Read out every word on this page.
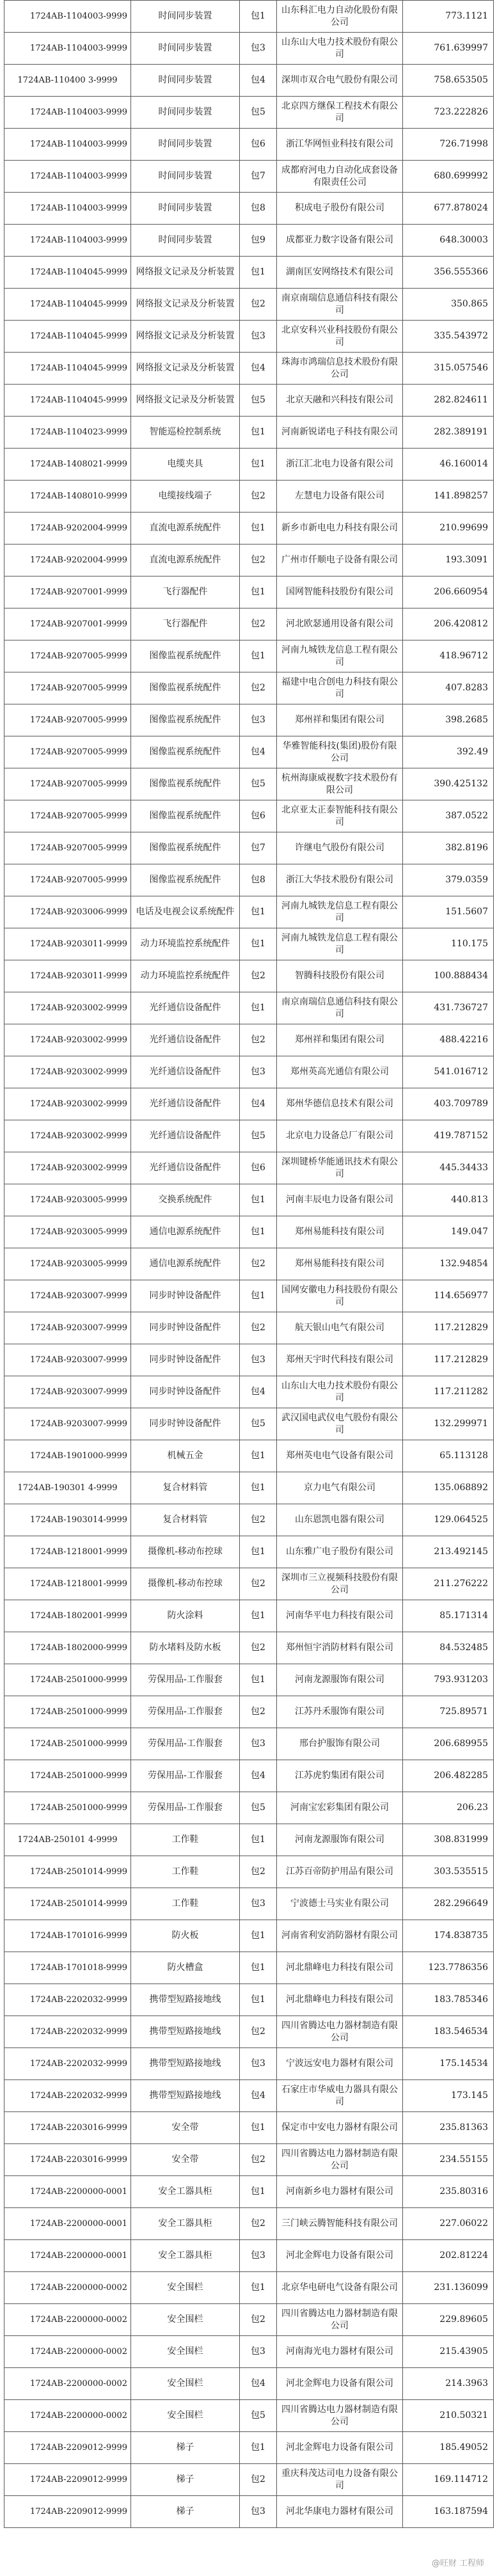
1724AB-1104003-9999	时间同步装置	包1	山东科汇电力自动化股份有限公司	773.1121
1724AB-1104003-9999	时间同步装置	包3	山东山大电力技术股份有限公司	761.639997
1724AB-110400 3-9999	时间同步装置	包4	深圳市双合电气股份有限公司	758.653505
1724AB-1104003-9999	时间同步装置	包5	北京四方继保工程技术有限公司	723.222826
1724AB-1104003-9999	时间同步装置	包6	浙江华网恒业科技有限公司	726.71998
1724AB-1104003-9999	时间同步装置	包7	成都府河电力自动化成套设备有限责任公司	680.699992
1724AB-1104003-9999	时间同步装置	包8	积成电子股份有限公司	677.878024
1724AB-1104003-9999	时间同步装置	包9	成都亚力数字设备有限公司	648.30003
1724AB-1104045-9999	网络报文记录及分析装置	包1	湖南匡安网络技术有限公司	356.555366
1724AB-1104045-9999	网络报文记录及分析装置	包2	南京南瑞信息通信科技有限公司	350.865
1724AB-1104045-9999	网络报文记录及分析装置	包3	北京安科兴业科技股份有限公司	335.543972
1724AB-1104045-9999	网络报文记录及分析装置	包4	珠海市鸿瑞信息技术股份有限公司	315.057546
1724AB-1104045-9999	网络报文记录及分析装置	包5	北京天融和兴科技有限公司	282.824611
1724AB-1104023-9999	智能巡检控制系统	包1	河南新锐诺电子科技有限公司	282.389191
1724AB-1408021-9999	电缆夹具	包1	浙江汇北电力设备有限公司	46.160014
1724AB-1408010-9999	电缆接线端子	包2	左慧电力设备有限公司	141.898257
1724AB-9202004-9999	直流电源系统配件	包1	新乡市新电电力科技有限公司	210.99699
1724AB-9202004-9999	直流电源系统配件	包2	广州市仟顺电子设备有限公司	193.3091
1724AB-9207001-9999	飞行器配件	包1	国网智能科技股份有限公司	206.660954
1724AB-9207001-9999	飞行器配件	包2	河北欧瑟通用设备有限公司	206.420812
1724AB-9207005-9999	图像监视系统配件	包1	河南九城铁龙信息工程有限公司	418.96712
1724AB-9207005-9999	图像监视系统配件	包2	福建中电合创电力科技有限公司	407.8283
1724AB-9207005-9999	图像监视系统配件	包3	郑州祥和集团有限公司	398.2685
1724AB-9207005-9999	图像监视系统配件	包4	华雅智能科技(集团)股份有限公司	392.49
1724AB-9207005-9999	图像监视系统配件	包5	杭州海康威视数字技术股份有限公司	390.425132
1724AB-9207005-9999	图像监视系统配件	包6	北京亚太正泰智能科技有限公司	387.0522
1724AB-9207005-9999	图像监视系统配件	包7	许继电气股份有限公司	382.8196
1724AB-9207005-9999	图像监视系统配件	包8	浙江大华技术股份有限公司	379.0359
1724AB-9203006-9999	电话及电视会议系统配件	包1	河南九城铁龙信息工程有限公司	151.5607
1724AB-9203011-9999	动力环境监控系统配件	包1	河南九城铁龙信息工程有限公司	110.175
1724AB-9203011-9999	动力环境监控系统配件	包2	智腾科技股份有限公司	100.888434
1724AB-9203002-9999	光纤通信设备配件	包1	南京南瑞信息通信科技有限公司	431.736727
1724AB-9203002-9999	光纤通信设备配件	包2	郑州祥和集团有限公司	488.42216
1724AB-9203002-9999	光纤通信设备配件	包3	郑州英高光通信有限公司	541.016712
1724AB-9203002-9999	光纤通信设备配件	包4	郑州华德信息技术有限公司	403.709789
1724AB-9203002-9999	光纤通信设备配件	包5	北京电力设备总厂有限公司	419.787152
1724AB-9203002-9999	光纤通信设备配件	包6	深圳键桥华能通讯技术有限公司	445.34433
1724AB-9203005-9999	交换系统配件	包1	河南丰辰电力设备有限公司	440.813
1724AB-9203005-9999	通信电源系统配件	包1	郑州易能科技有限公司	149.047
1724AB-9203005-9999	通信电源系统配件	包2	郑州易能科技有限公司	132.94854
1724AB-9203007-9999	同步时钟设备配件	包1	国网安徽电力科技股份有限公司	114.656977
1724AB-9203007-9999	同步时钟设备配件	包2	航天银山电气有限公司	117.212829
1724AB-9203007-9999	同步时钟设备配件	包3	郑州天宇时代科技有限公司	117.212829
1724AB-9203007-9999	同步时钟设备配件	包4	山东山大电力技术股份有限公司	117.211282
1724AB-9203007-9999	同步时钟设备配件	包5	武汉国电武仪电气股份有限公司	132.299971
1724AB-1901000-9999	机械五金	包1	郑州英电电气设备有限公司	65.113128
1724AB-190301 4-9999	复合材料管	包1	京力电气有限公司	135.068892
1724AB-1903014-9999	复合材料管	包2	山东恩凯电器有限公司	129.064525
1724AB-1218001-9999	摄像机-移动布控球	包1	山东雅广电子股份有限公司	213.492145
1724AB-1218001-9999	摄像机-移动布控球	包2	深圳市三立视频科技股份有限公司	211.276222
1724AB-1802001-9999	防火涂料	包1	河南华平电力科技有限公司	85.171314
1724AB-1802000-9999	防水堵料及防水板	包2	郑州恒宇消防材料有限公司	84.532485
1724AB-2501000-9999	劳保用品-工作服套	包1	河南龙源服饰有限公司	793.931203
1724AB-2501000-9999	劳保用品-工作服套	包2	江苏丹禾服饰有限公司	725.89571
1724AB-2501000-9999	劳保用品-工作服套	包3	邢台护服饰有限公司	206.689955
1724AB-2501000-9999	劳保用品-工作服套	包4	江苏虎豹集团有限公司	206.482285
1724AB-2501000-9999	劳保用品-工作服套	包5	河南宝宏彩集团有限公司	206.23
1724AB-250101 4-9999	工作鞋	包1	河南龙源服饰有限公司	308.831999
1724AB-2501014-9999	工作鞋	包2	江苏百帝防护用品有限公司	303.535515
1724AB-2501014-9999	工作鞋	包3	宁波德士马实业有限公司	282.296649
1724AB-1701016-9999	防火板	包1	河南省利安消防器材有限公司	174.838735
1724AB-1701018-9999	防火槽盒	包1	河北鼎峰电力科技有限公司	123.7786356
1724AB-2202032-9999	携带型短路接地线	包1	河北鼎峰电力科技有限公司	183.785346
1724AB-2202032-9999	携带型短路接地线	包2	四川省腾达电力器材制造有限公司	183.546534
1724AB-2202032-9999	携带型短路接地线	包3	宁波远安电力器材有限公司	175.14534
1724AB-2202032-9999	携带型短路接地线	包4	石家庄市华威电力器具有限公司	173.145
1724AB-2203016-9999	安全带	包1	保定市中安电力器材有限公司	235.81363
1724AB-2203016-9999	安全带	包2	四川省腾达电力器材制造有限公司	234.55155
1724AB-2200000-0001	安全工器具柜	包1	河南新乡电力器材有限公司	235.80316
1724AB-2200000-0001	安全工器具柜	包2	三门峡云腾智能科技有限公司	227.06022
1724AB-2200000-0001	安全工器具柜	包3	河北金辉电力设备有限公司	202.81224
1724AB-2200000-0002	安全围栏	包1	北京华电研电气设备有限公司	231.136099
1724AB-2200000-0002	安全围栏	包2	四川省腾达电力器材制造有限公司	229.89605
1724AB-2200000-0002	安全围栏	包3	河南海光电力器材有限公司	215.43905
1724AB-2200000-0002	安全围栏	包4	河北金辉电力设备有限公司	214.3963
1724AB-2200000-0002	安全围栏	包5	四川省腾达电力器材制造有限公司	210.50321
1724AB-2209012-9999	梯子	包1	河北金辉电力设备有限公司	185.49052
1724AB-2209012-9999	梯子	包2	重庆科茂达司电力设备有限公司	169.114712
1724AB-2209012-9999	梯子	包3	河北华康电力器材有限公司	163.187594
@旺财 工程师
